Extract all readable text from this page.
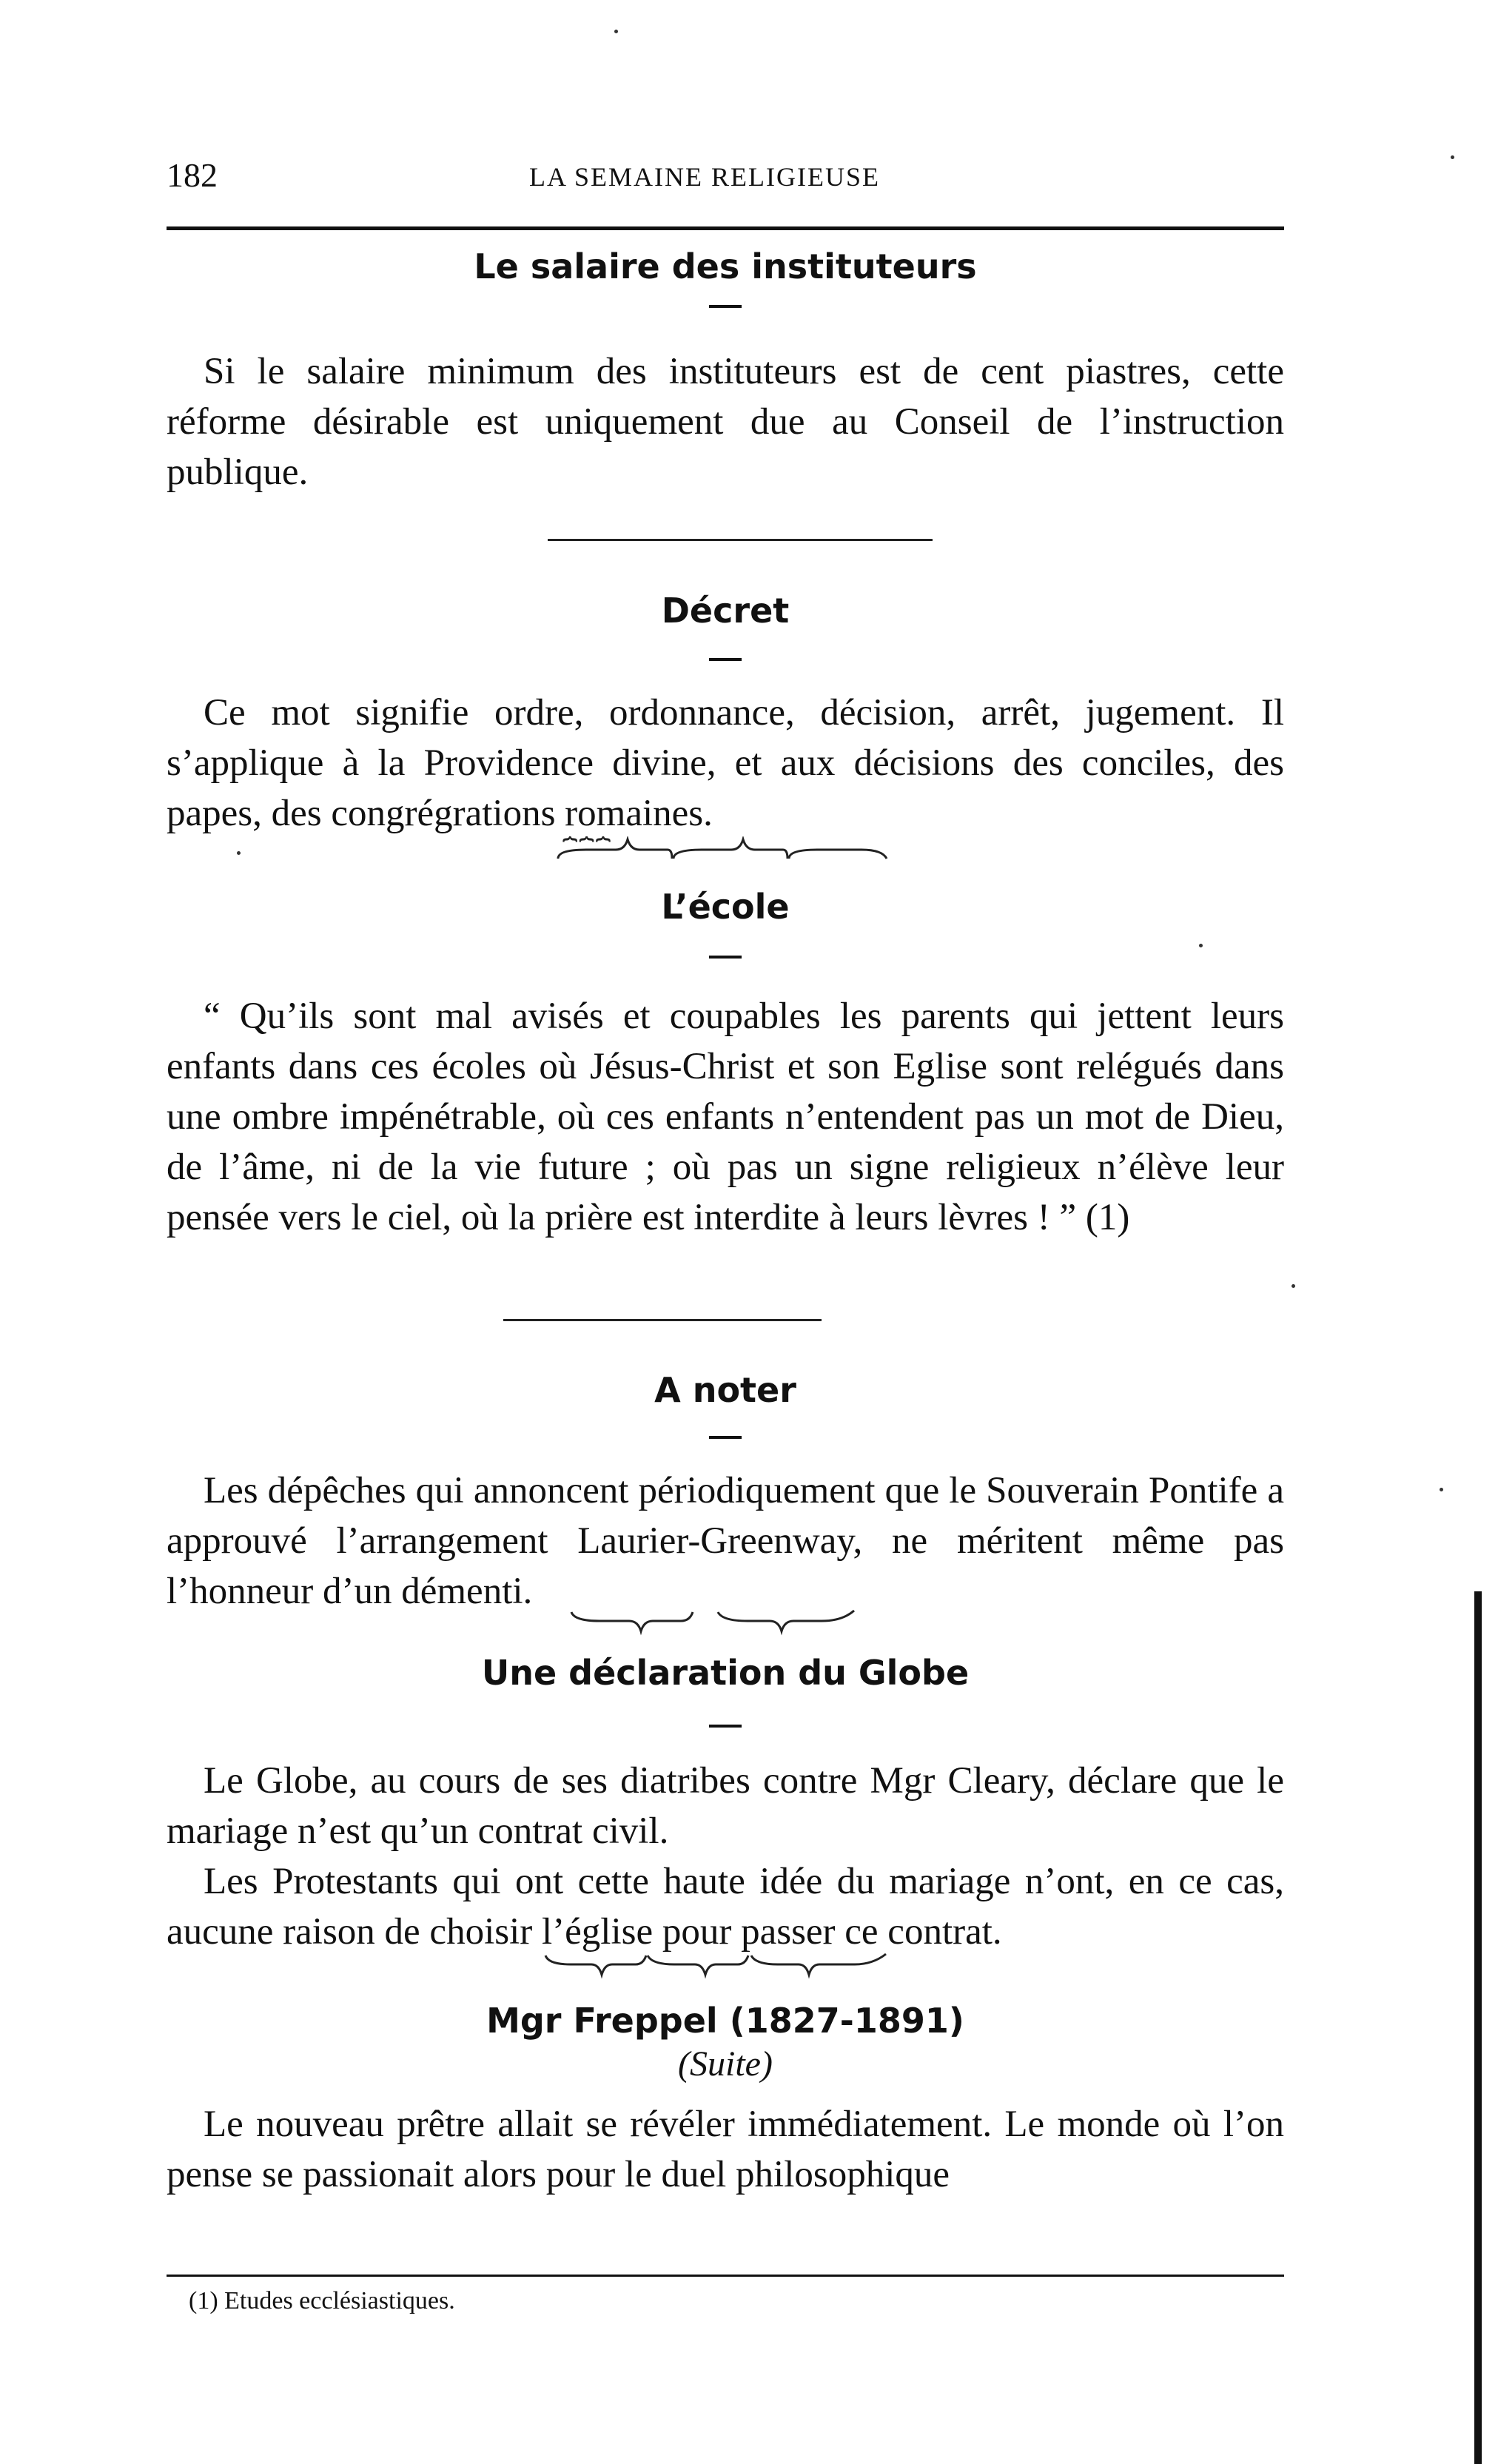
182	LA SEMAINE RELIGIEUSE
Le salaire des instituteurs

Si le salaire minimum des instituteurs est de cent piastres, cette réforme désirable est uniquement due au Conseil de l’instruction publique.

Décret

Ce mot signifie ordre, ordonnance, décision, arrêt, jugement. Il s’applique à la Providence divine, et aux décisions des conciles, des papes, des congrégrations romaines.

⏞⏞⏞
L’école

“ Qu’ils sont mal avisés et coupables les parents qui jettent leurs enfants dans ces écoles où Jésus-Christ et son Eglise sont relégués dans une ombre impénétrable, où ces enfants n’entendent pas un mot de Dieu, de l’âme, ni de la vie future ; où pas un signe religieux n’élève leur pensée vers le ciel, où la prière est interdite à leurs lèvres ! ” (1)

A noter

Les dépêches qui annoncent périodiquement que le Souverain Pontife a approuvé l’arrangement Laurier-Greenway, ne méritent même pas l’honneur d’un démenti.

Une déclaration du Globe

Le Globe, au cours de ses diatribes contre Mgr Cleary, déclare que le mariage n’est qu’un contrat civil.

Les Protestants qui ont cette haute idée du mariage n’ont, en ce cas, aucune raison de choisir l’église pour passer ce contrat.

Mgr Freppel (1827-1891)

(Suite)

Le nouveau prêtre allait se révéler immédiatement. Le monde où l’on pense se passionait alors pour le duel philosophique

(1) Etudes ecclésiastiques.
